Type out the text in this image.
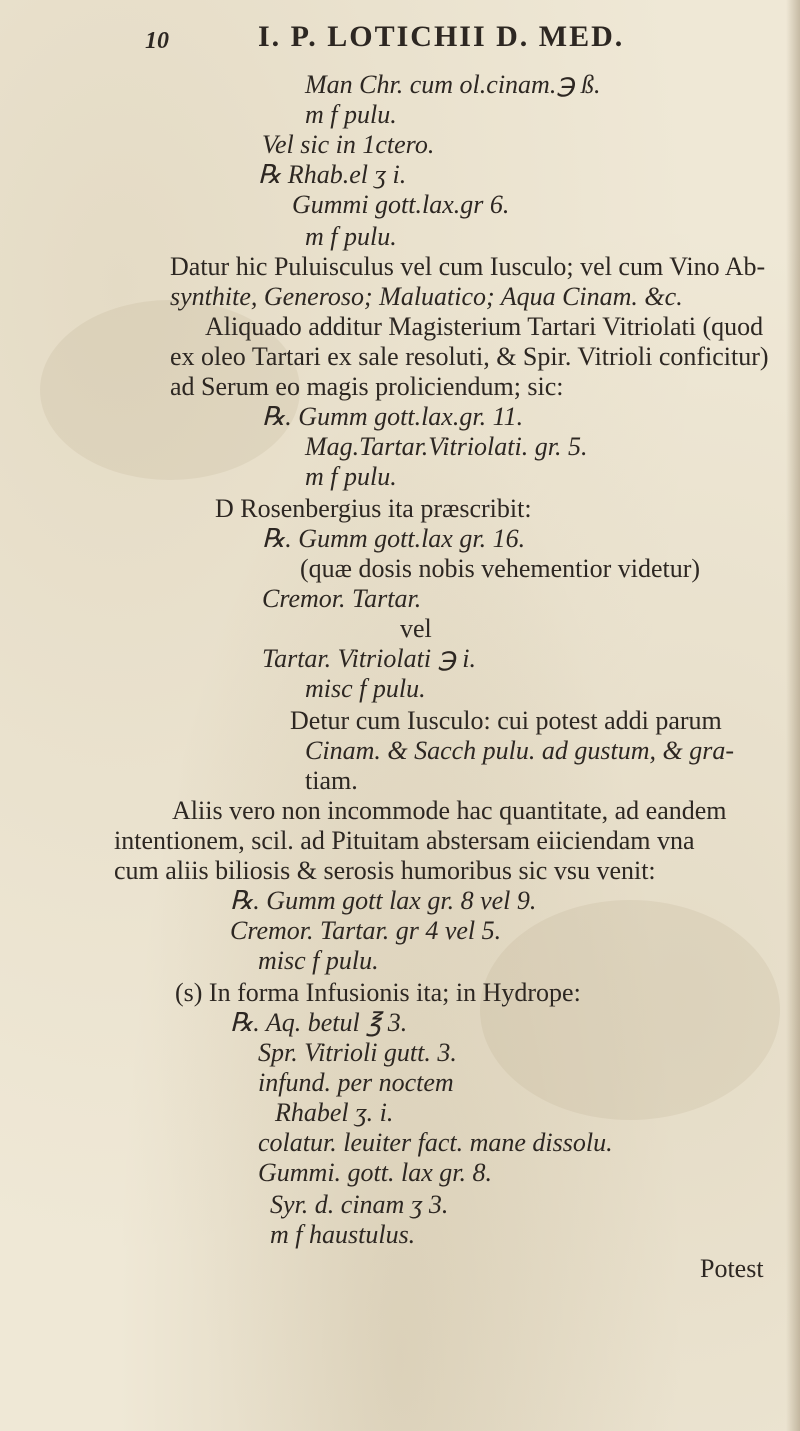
10	I. P. LOTICHII D. MED.
Man Chr. cum ol.cinam.℈ ß.
m f pulu.
Vel sic in 1ctero.
℞ Rhab.el ʒ i.
Gummi gott.lax.gr 6.
m f pulu.
Datur hic Puluisculus vel cum Iusculo; vel cum Vino Ab-
synthite, Generoso; Maluatico; Aqua Cinam. &c.
Aliquado additur Magisterium Tartari Vitriolati (quod
ex oleo Tartari ex sale resoluti, & Spir. Vitrioli conficitur)
ad Serum eo magis proliciendum; sic:
℞. Gumm gott.lax.gr. 11.
Mag.Tartar.Vitriolati. gr. 5.
m f pulu.
D Rosenbergius ita præscribit:
℞. Gumm gott.lax gr. 16.
(quæ dosis nobis vehementior videtur)
Cremor. Tartar.
vel
Tartar. Vitriolati ℈ i.
misc f pulu.
Detur cum Iusculo: cui potest addi parum
Cinam. & Sacch pulu. ad gustum, & gra-
tiam.
Aliis vero non incommode hac quantitate, ad eandem
intentionem, scil. ad Pituitam abstersam eiiciendam vna
cum aliis biliosis & serosis humoribus sic vsu venit:
℞. Gumm gott lax gr. 8 vel 9.
Cremor. Tartar. gr 4 vel 5.
misc f pulu.
(s) In forma Infusionis ita; in Hydrope:
℞. Aq. betul ℥ 3.
Spr. Vitrioli gutt. 3.
infund. per noctem
Rhabel ʒ. i.
colatur. leuiter fact. mane dissolu.
Gummi. gott. lax gr. 8.
Syr. d. cinam ʒ 3.
m f haustulus.
Potest
